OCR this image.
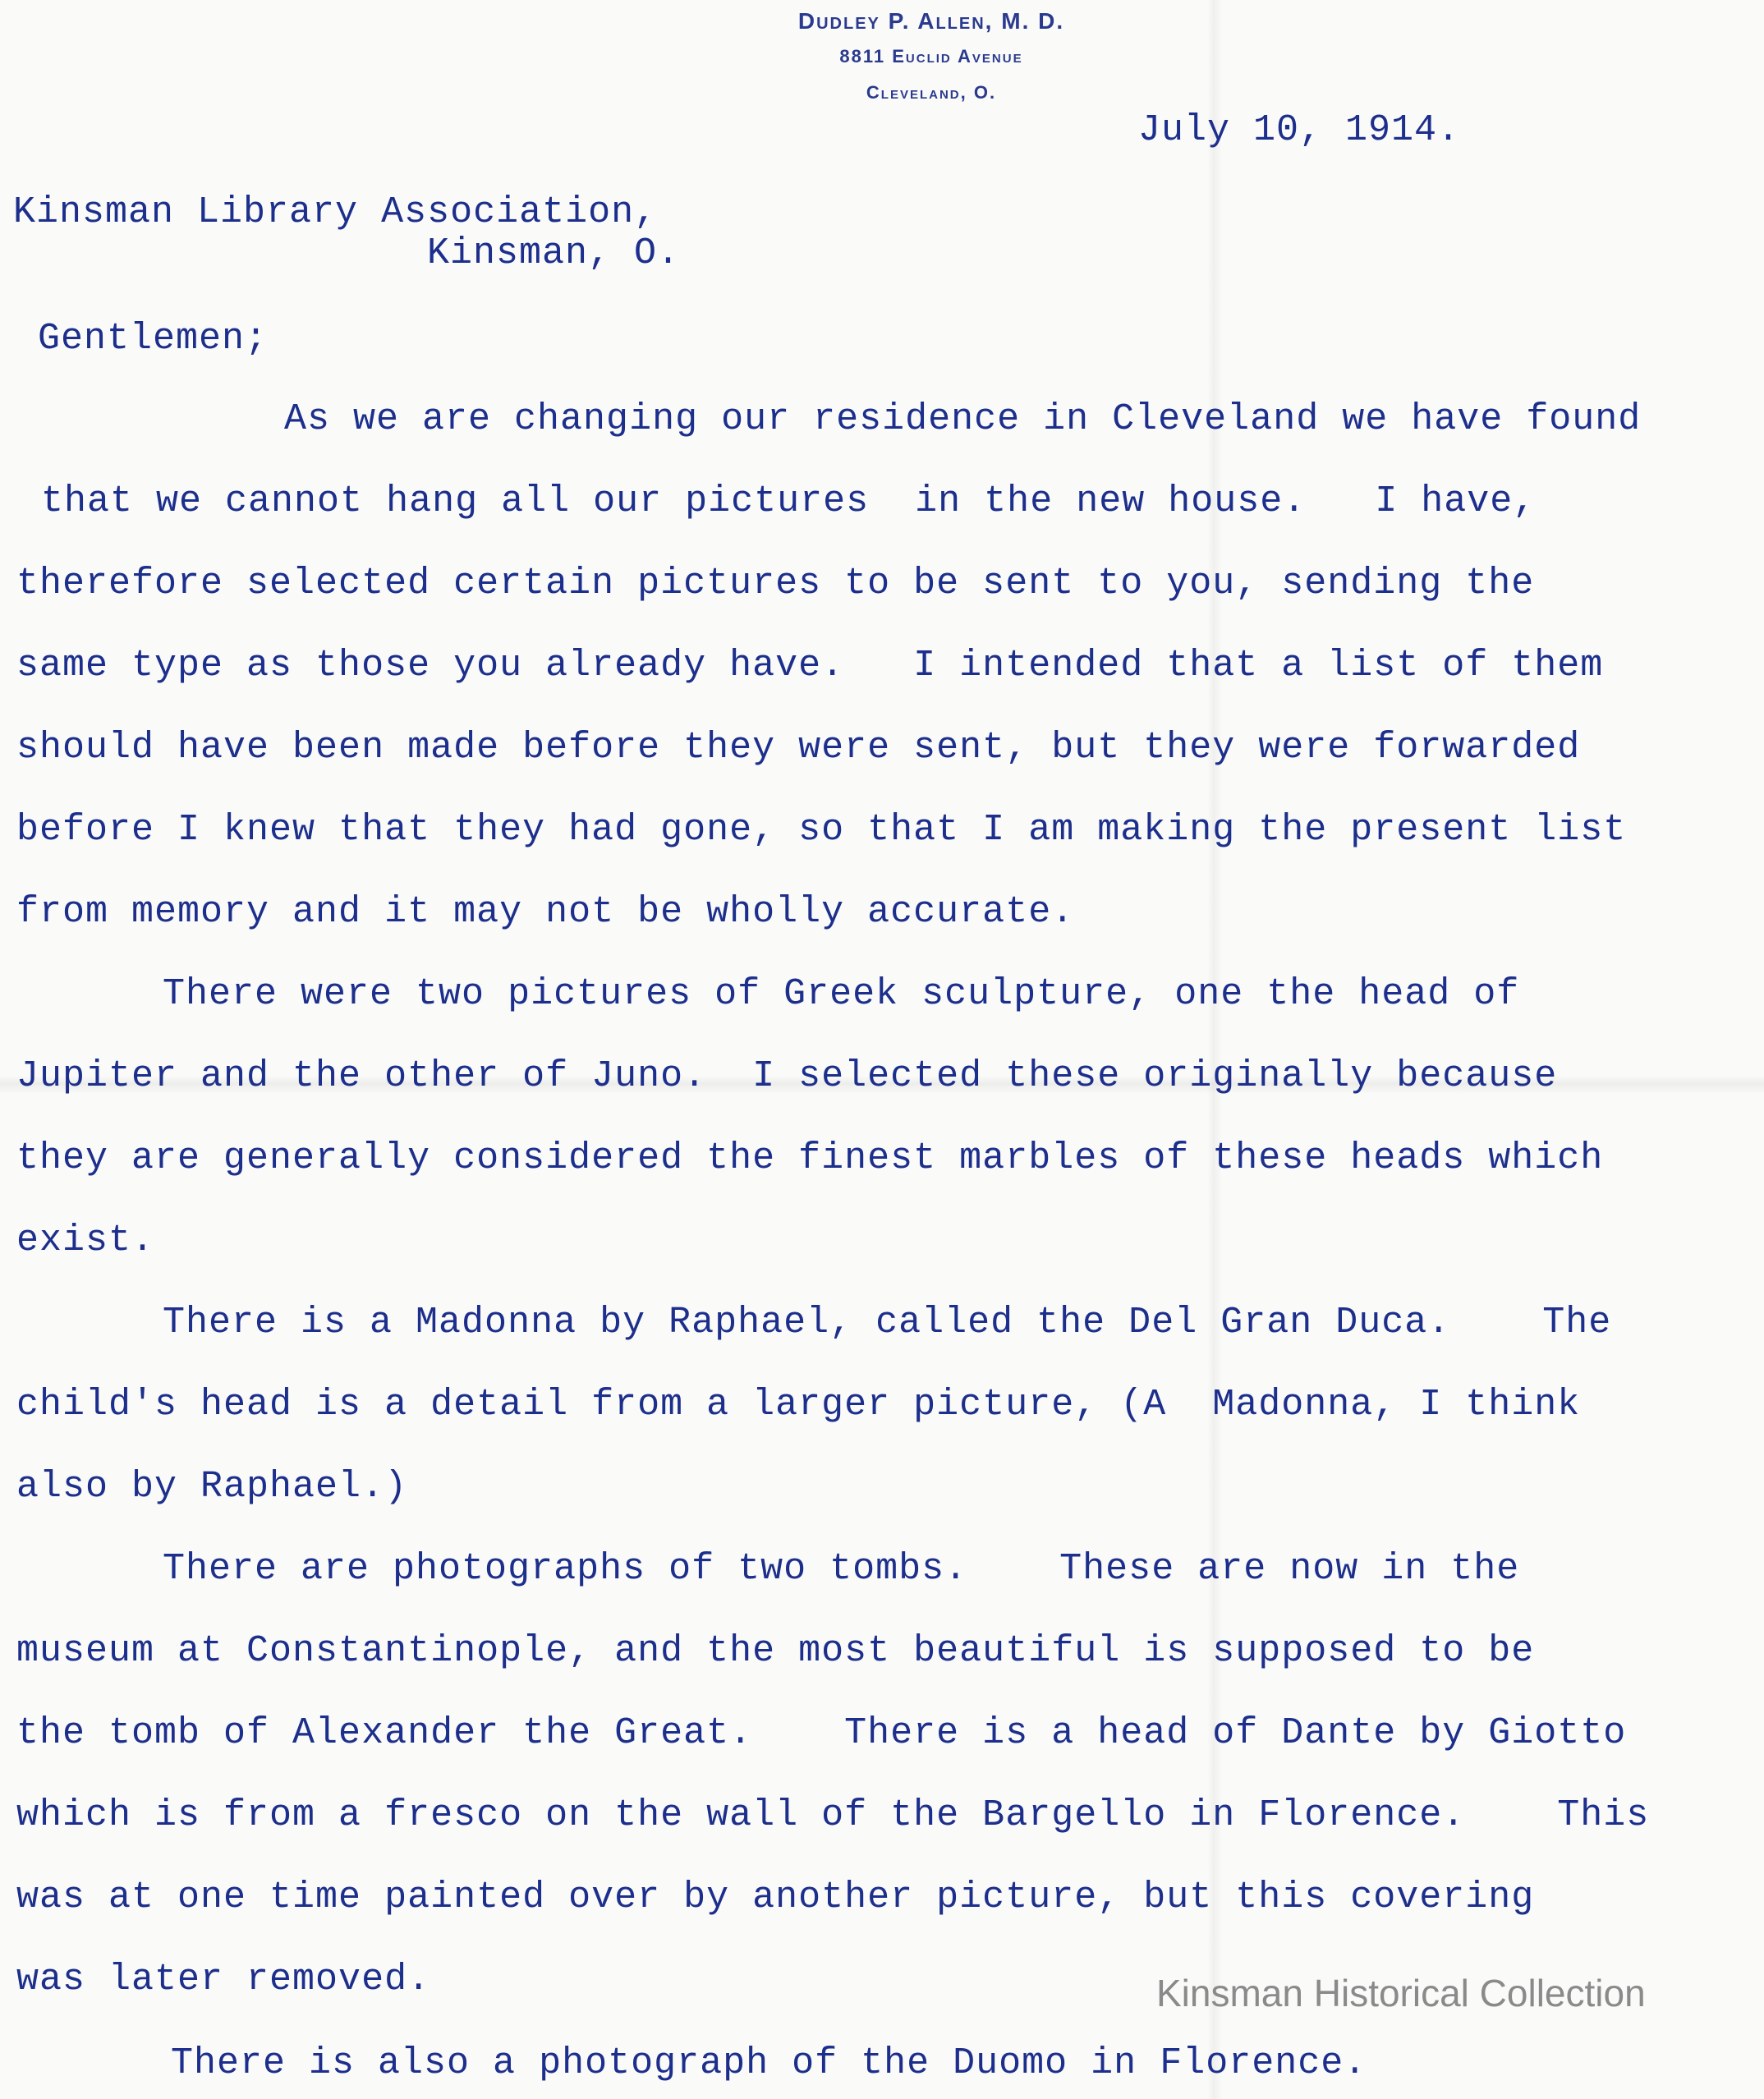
Dudley P. Allen, M. D.
8811 Euclid Avenue
Cleveland, O.
July 10, 1914.
Kinsman Library Association,
Kinsman, O.
Gentlemen;
As we are changing our residence in Cleveland we have found
that we cannot hang all our pictures  in the new house.   I have,
therefore selected certain pictures to be sent to you, sending the
same type as those you already have.   I intended that a list of them
should have been made before they were sent, but they were forwarded
before I knew that they had gone, so that I am making the present list
from memory and it may not be wholly accurate.
There were two pictures of Greek sculpture, one the head of
Jupiter and the other of Juno.  I selected these originally because
they are generally considered the finest marbles of these heads which
exist.
There is a Madonna by Raphael, called the Del Gran Duca.    The
child's head is a detail from a larger picture, (A  Madonna, I think
also by Raphael.)
There are photographs of two tombs.    These are now in the
museum at Constantinople, and the most beautiful is supposed to be
the tomb of Alexander the Great.    There is a head of Dante by Giotto
which is from a fresco on the wall of the Bargello in Florence.    This
was at one time painted over by another picture, but this covering
was later removed.
There is also a photograph of the Duomo in Florence.
Kinsman Historical Collection
